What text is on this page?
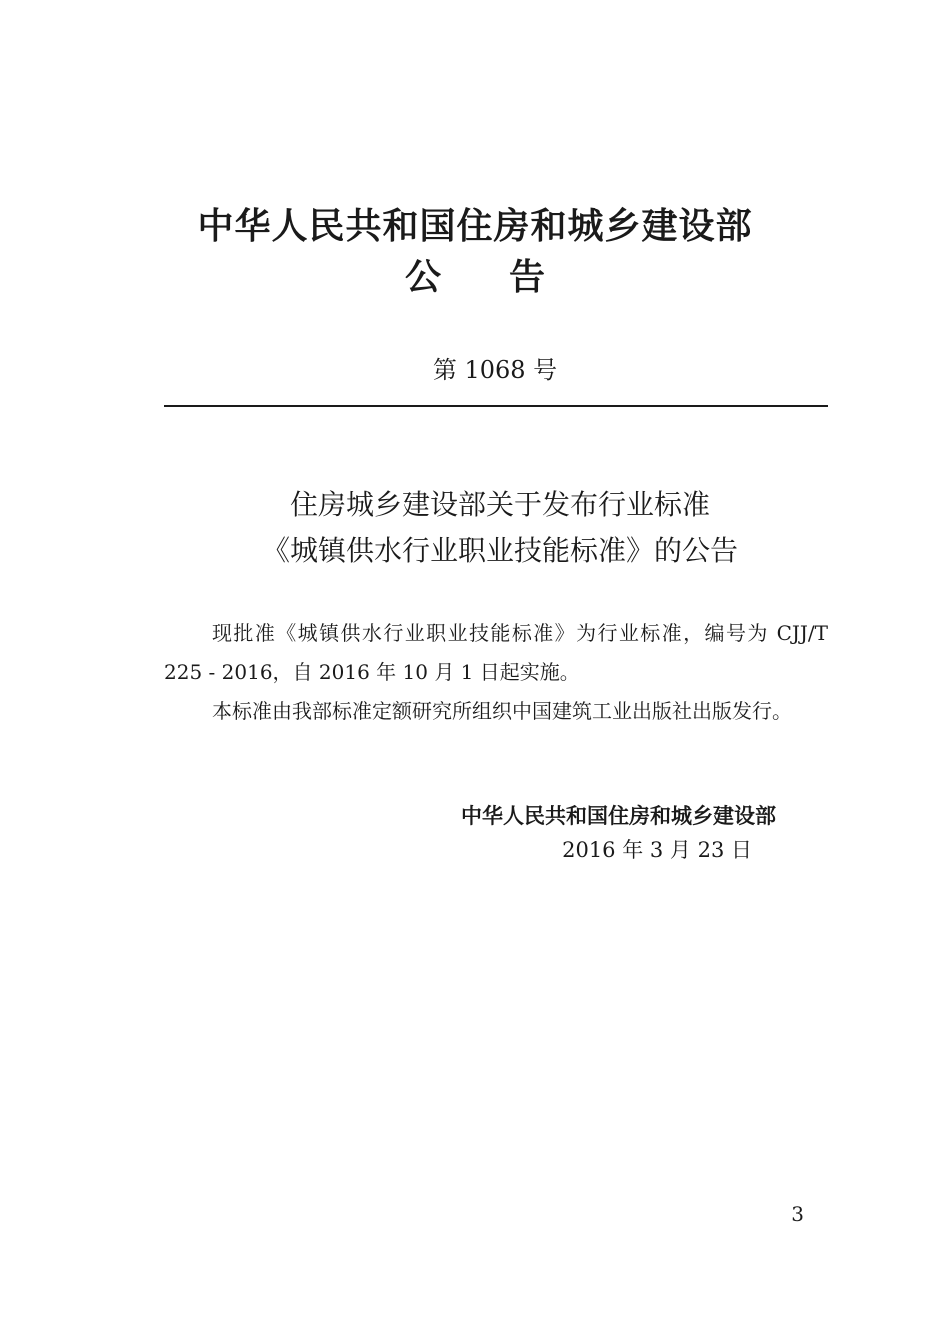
中华人民共和国住房和城乡建设部
公告
第 1068 号
住房城乡建设部关于发布行业标准
《城镇供水行业职业技能标准》的公告
现批准《城镇供水行业职业技能标准》为行业标准，编号为 CJJ/T 225 - 2016，自 2016 年 10 月 1 日起实施。
本标准由我部标准定额研究所组织中国建筑工业出版社出版发行。
中华人民共和国住房和城乡建设部
2016 年 3 月 23 日
3
